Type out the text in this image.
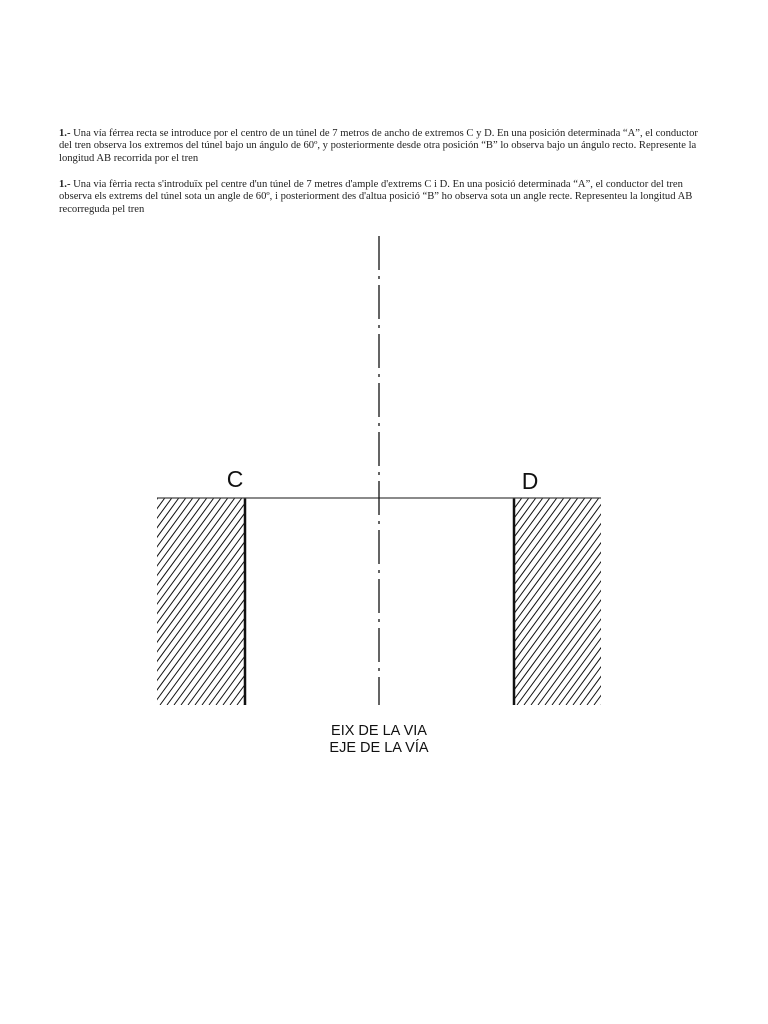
1.- Una vía férrea recta se introduce por el centro de un túnel de 7 metros de ancho de extremos C y D. En una posición determinada “A”, el conductor del tren observa los extremos del túnel bajo un ángulo de 60º, y posteriormente desde otra posición “B” lo observa bajo un ángulo recto. Represente la longitud AB recorrida por el tren

1.- Una via fèrria recta s'introduïx pel centre d'un túnel de 7 metres d'ample d'extrems C i D. En una posició determinada “A”, el conductor del tren observa els extrems del túnel sota un angle de 60º, i posteriorment des d'altua posició “B” ho observa sota un angle recte. Representeu la longitud AB recorreguda pel tren

C	D
EIX DE LA VIA
EJE DE LA VÍA
